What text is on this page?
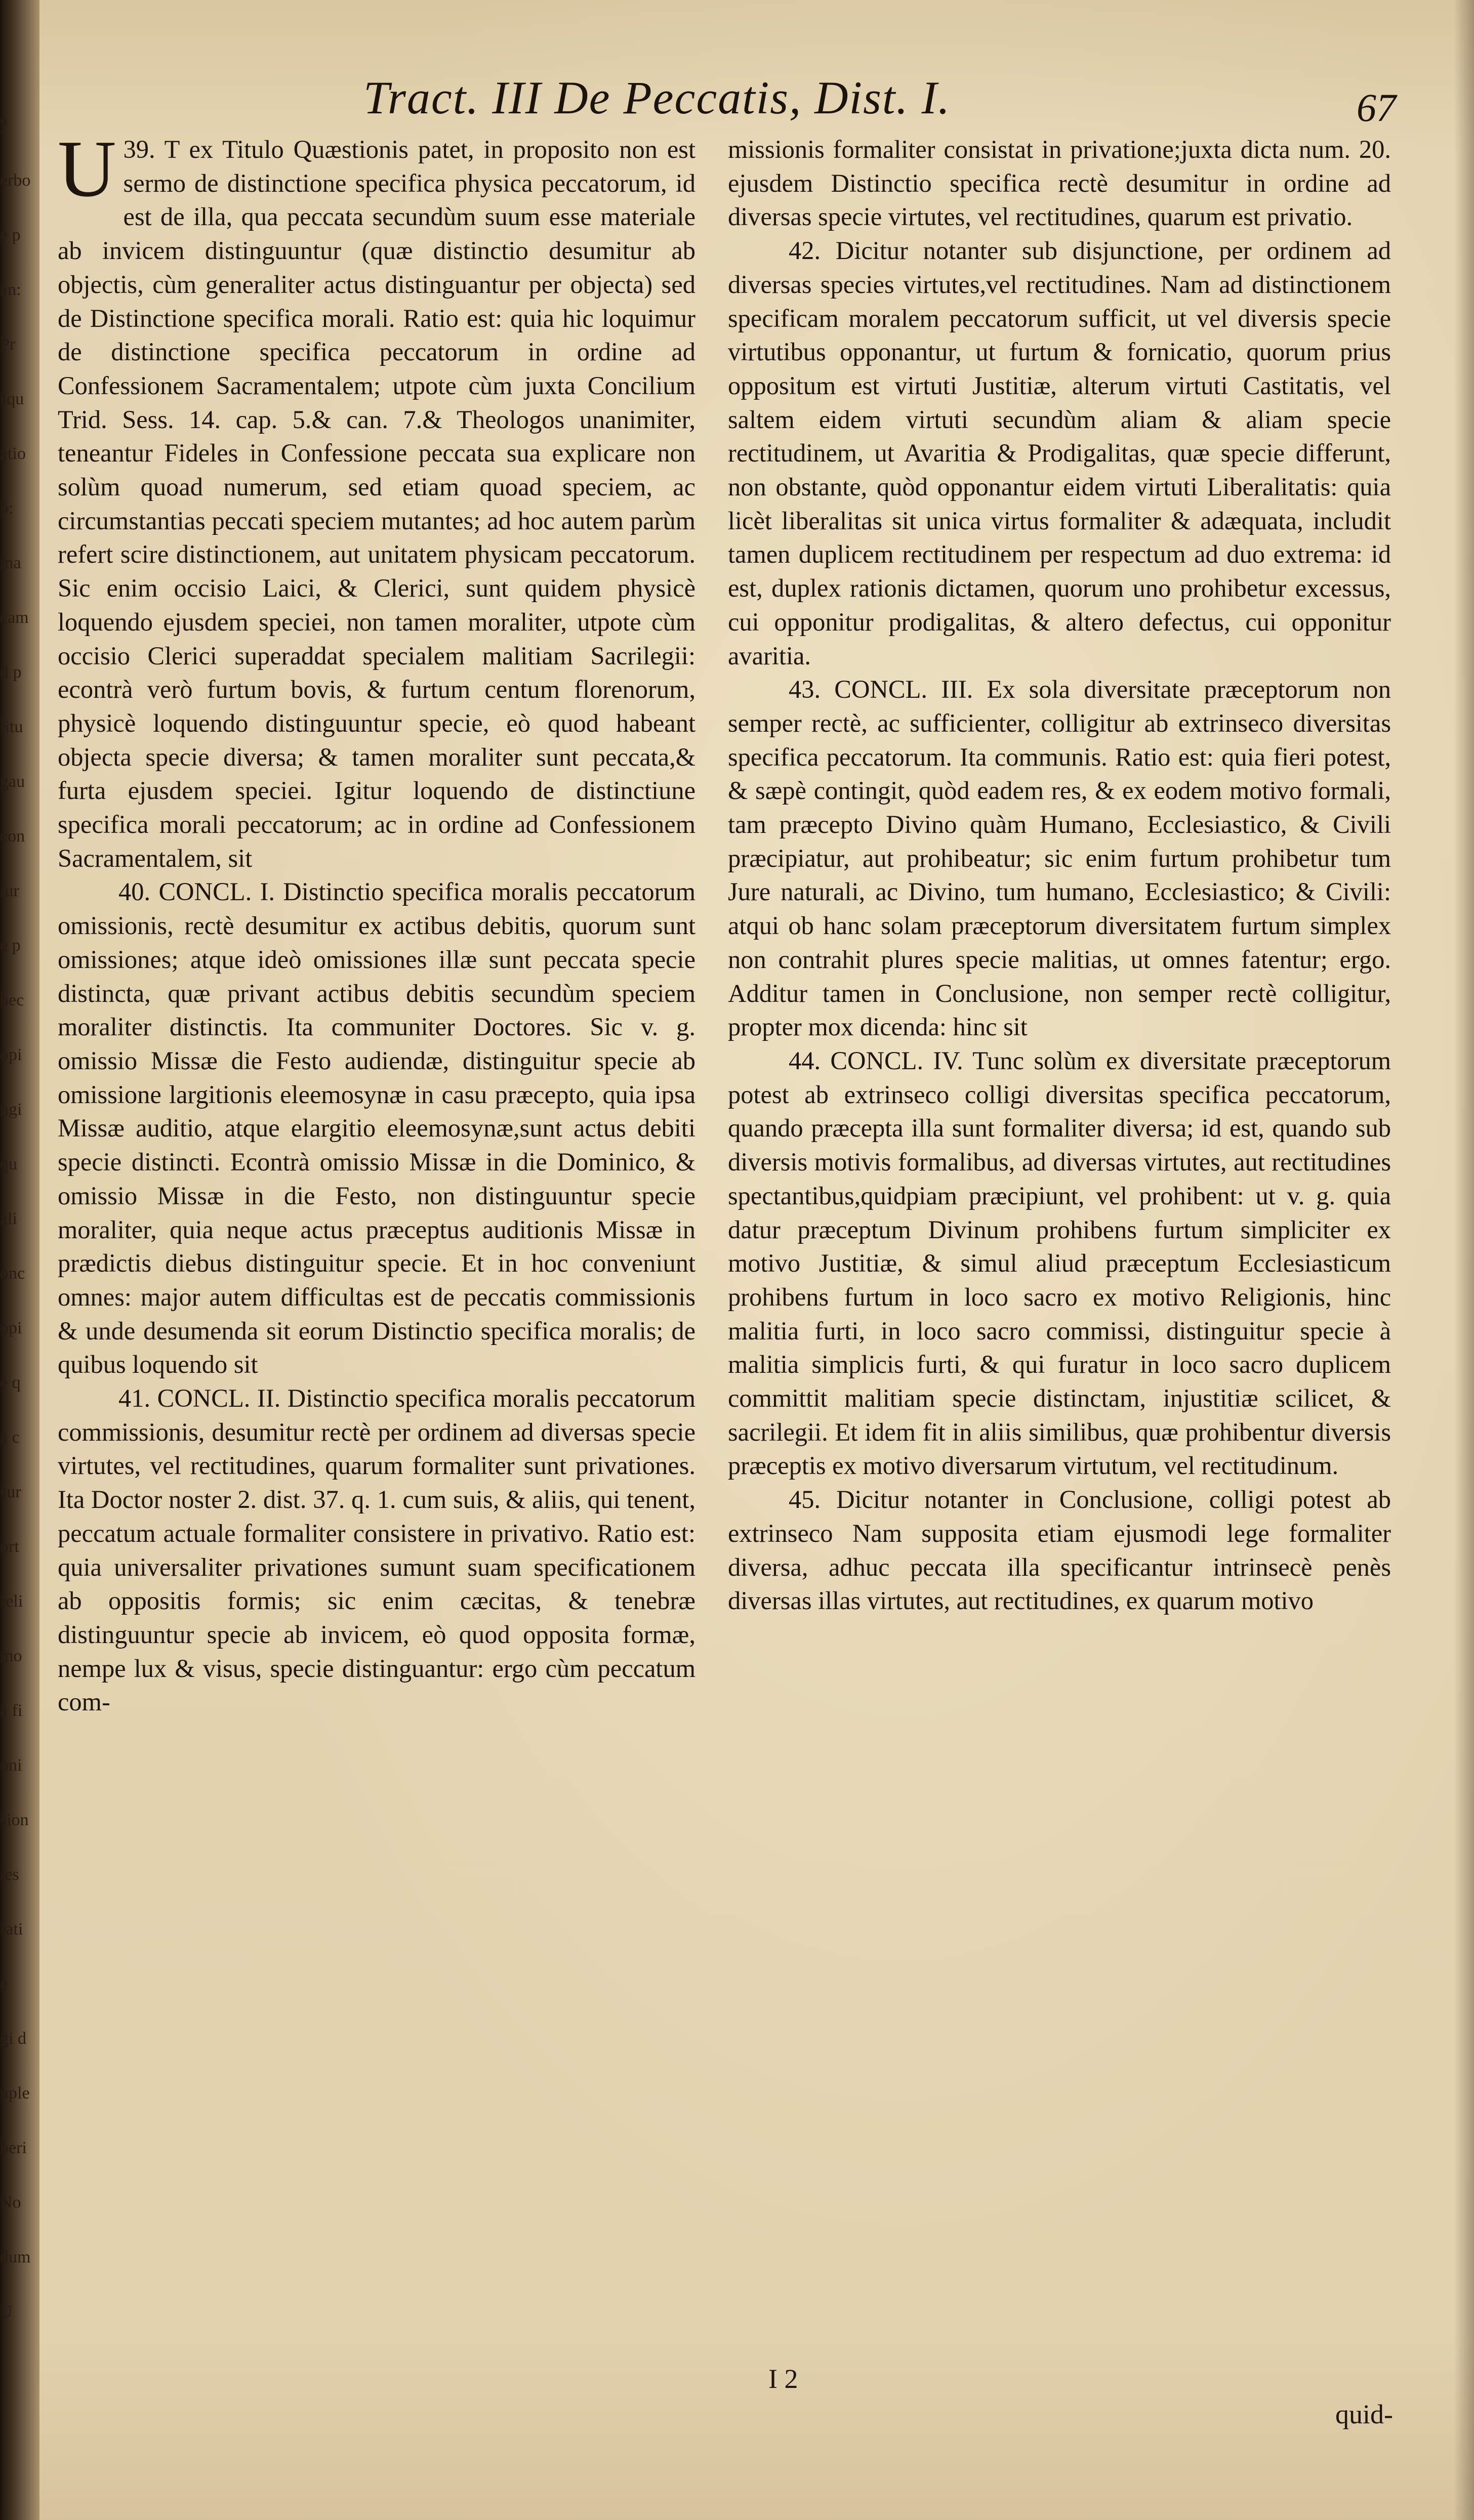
?
erbo
e p
an:
Pr
squ
atio
p:
ma
cam
d p
litu
gau
con
tur
e p
bec
opi
ngi
qu
ali
onc
opi
e q
a c
sur
ort
reli
mo
a fi
oni
sion
tes
rati
e
gi d
uple
beri
No
dum
U
Tract. III De Peccatis, Dist. I.	67

U 39. T ex Titulo Quæstionis patet, in proposito non est sermo de distinctione specifica physica peccatorum, id est de illa, qua peccata secundùm suum esse materiale ab invicem distinguuntur (quæ distinctio desumitur ab objectis, cùm generaliter actus distinguantur per objecta) sed de Distinctione specifica morali. Ratio est: quia hic loquimur de distinctione specifica peccatorum in ordine ad Confessionem Sacramentalem; utpote cùm juxta Concilium Trid. Sess. 14. cap. 5.& can. 7.& Theologos unanimiter, teneantur Fideles in Confessione peccata sua explicare non solùm quoad numerum, sed etiam quoad speciem, ac circumstantias peccati speciem mutantes; ad hoc autem parùm refert scire distinctionem, aut unitatem physicam peccatorum. Sic enim occisio Laici, & Clerici, sunt quidem physicè loquendo ejusdem speciei, non tamen moraliter, utpote cùm occisio Clerici superaddat specialem malitiam Sacrilegii: econtrà verò furtum bovis, & furtum centum florenorum, physicè loquendo distinguuntur specie, eò quod habeant objecta specie diversa; & tamen moraliter sunt peccata,& furta ejusdem speciei. Igitur loquendo de distinctiune specifica morali peccatorum; ac in ordine ad Confessionem Sacramentalem, sit

40. CONCL. I. Distinctio specifica moralis peccatorum omissionis, rectè desumitur ex actibus debitis, quorum sunt omissiones; atque ideò omissiones illæ sunt peccata specie distincta, quæ privant actibus debitis secundùm speciem moraliter distinctis. Ita communiter Doctores. Sic v. g. omissio Missæ die Festo audiendæ, distinguitur specie ab omissione largitionis eleemosynæ in casu præcepto, quia ipsa Missæ auditio, atque elargitio eleemosynæ,sunt actus debiti specie distincti. Econtrà omissio Missæ in die Dominico, & omissio Missæ in die Festo, non distinguuntur specie moraliter, quia neque actus præceptus auditionis Missæ in prædictis diebus distinguitur specie. Et in hoc conveniunt omnes: major autem difficultas est de peccatis commissionis & unde desumenda sit eorum Distinctio specifica moralis; de quibus loquendo sit

41. CONCL. II. Distinctio specifica moralis peccatorum commissionis, desumitur rectè per ordinem ad diversas specie virtutes, vel rectitudines, quarum formaliter sunt privationes. Ita Doctor noster 2. dist. 37. q. 1. cum suis, & aliis, qui tenent, peccatum actuale formaliter consistere in privativo. Ratio est: quia universaliter privationes sumunt suam specificationem ab oppositis formis; sic enim cæcitas, & tenebræ distinguuntur specie ab invicem, eò quod opposita formæ, nempe lux & visus, specie distinguantur: ergo cùm peccatum com-

missionis formaliter consistat in privatione;juxta dicta num. 20. ejusdem Distinctio specifica rectè desumitur in ordine ad diversas specie virtutes, vel rectitudines, quarum est privatio.

42. Dicitur notanter sub disjunctione, per ordinem ad diversas species virtutes,vel rectitudines. Nam ad distinctionem specificam moralem peccatorum sufficit, ut vel diversis specie virtutibus opponantur, ut furtum & fornicatio, quorum prius oppositum est virtuti Justitiæ, alterum virtuti Castitatis, vel saltem eidem virtuti secundùm aliam & aliam specie rectitudinem, ut Avaritia & Prodigalitas, quæ specie differunt, non obstante, quòd opponantur eidem virtuti Liberalitatis: quia licèt liberalitas sit unica virtus formaliter & adæquata, includit tamen duplicem rectitudinem per respectum ad duo extrema: id est, duplex rationis dictamen, quorum uno prohibetur excessus, cui opponitur prodigalitas, & altero defectus, cui opponitur avaritia.

43. CONCL. III. Ex sola diversitate præceptorum non semper rectè, ac sufficienter, colligitur ab extrinseco diversitas specifica peccatorum. Ita communis. Ratio est: quia fieri potest, & sæpè contingit, quòd eadem res, & ex eodem motivo formali, tam præcepto Divino quàm Humano, Ecclesiastico, & Civili præcipiatur, aut prohibeatur; sic enim furtum prohibetur tum Jure naturali, ac Divino, tum humano, Ecclesiastico; & Civili: atqui ob hanc solam præceptorum diversitatem furtum simplex non contrahit plures specie malitias, ut omnes fatentur; ergo. Additur tamen in Conclusione, non semper rectè colligitur, propter mox dicenda: hinc sit

44. CONCL. IV. Tunc solùm ex diversitate præceptorum potest ab extrinseco colligi diversitas specifica peccatorum, quando præcepta illa sunt formaliter diversa; id est, quando sub diversis motivis formalibus, ad diversas virtutes, aut rectitudines spectantibus,quidpiam præcipiunt, vel prohibent: ut v. g. quia datur præceptum Divinum prohibens furtum simpliciter ex motivo Justitiæ, & simul aliud præceptum Ecclesiasticum prohibens furtum in loco sacro ex motivo Religionis, hinc malitia furti, in loco sacro commissi, distinguitur specie à malitia simplicis furti, & qui furatur in loco sacro duplicem committit malitiam specie distinctam, injustitiæ scilicet, & sacrilegii. Et idem fit in aliis similibus, quæ prohibentur diversis præceptis ex motivo diversarum virtutum, vel rectitudinum.

45. Dicitur notanter in Conclusione, colligi potest ab extrinseco Nam supposita etiam ejusmodi lege formaliter diversa, adhuc peccata illa specificantur intrinsecè penès diversas illas virtutes, aut rectitudines, ex quarum motivo

I 2
quid-
